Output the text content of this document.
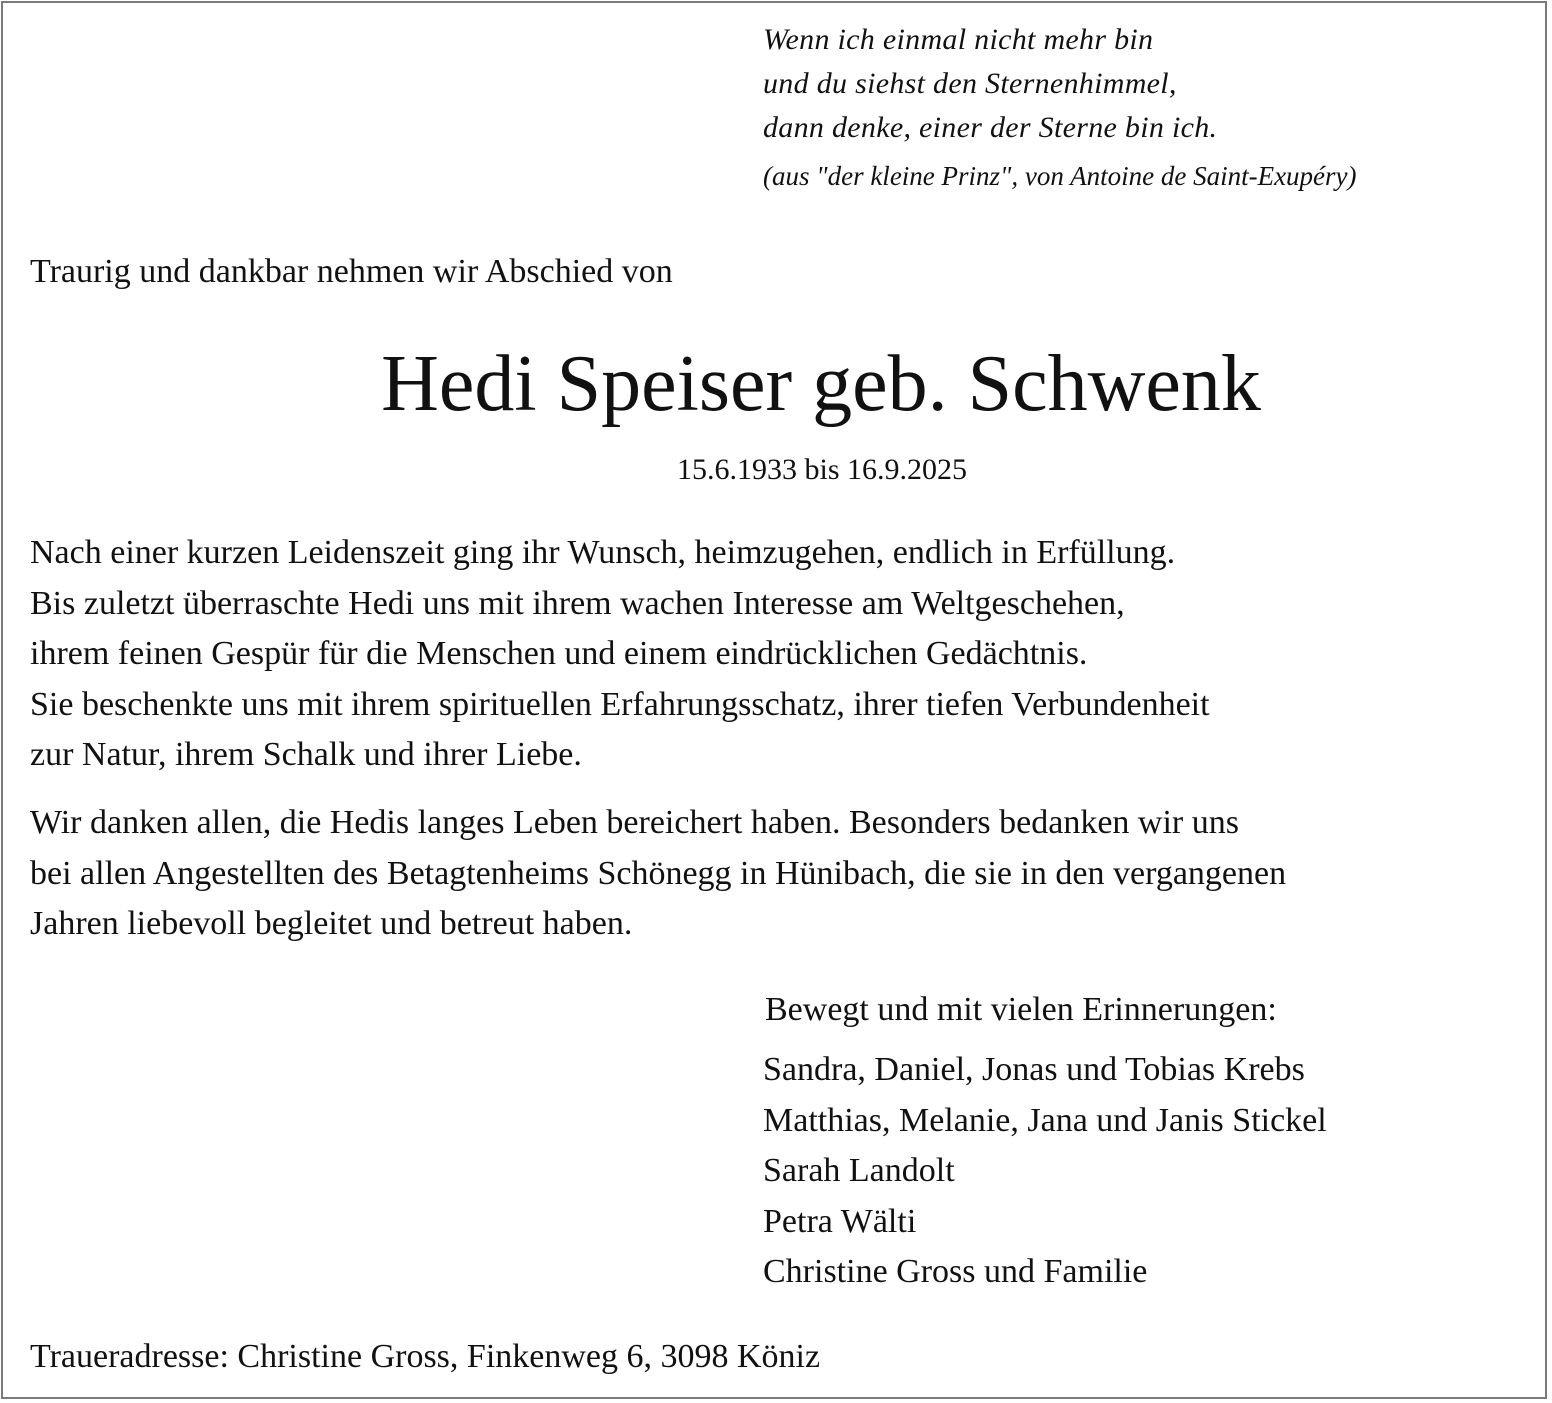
Wenn ich einmal nicht mehr bin
und du siehst den Sternenhimmel,
dann denke, einer der Sterne bin ich.
(aus "der kleine Prinz", von Antoine de Saint-Exupéry)
Traurig und dankbar nehmen wir Abschied von
Hedi Speiser geb. Schwenk
15.6.1933 bis 16.9.2025
Nach einer kurzen Leidenszeit ging ihr Wunsch, heimzugehen, endlich in Erfüllung.
Bis zuletzt überraschte Hedi uns mit ihrem wachen Interesse am Weltgeschehen,
ihrem feinen Gespür für die Menschen und einem eindrücklichen Gedächtnis.
Sie beschenkte uns mit ihrem spirituellen Erfahrungsschatz, ihrer tiefen Verbundenheit
zur Natur, ihrem Schalk und ihrer Liebe.
Wir danken allen, die Hedis langes Leben bereichert haben. Besonders bedanken wir uns
bei allen Angestellten des Betagtenheims Schönegg in Hünibach, die sie in den vergangenen
Jahren liebevoll begleitet und betreut haben.
Bewegt und mit vielen Erinnerungen:
Sandra, Daniel, Jonas und Tobias Krebs
Matthias, Melanie, Jana und Janis Stickel
Sarah Landolt
Petra Wälti
Christine Gross und Familie
Traueradresse: Christine Gross, Finkenweg 6, 3098 Köniz
